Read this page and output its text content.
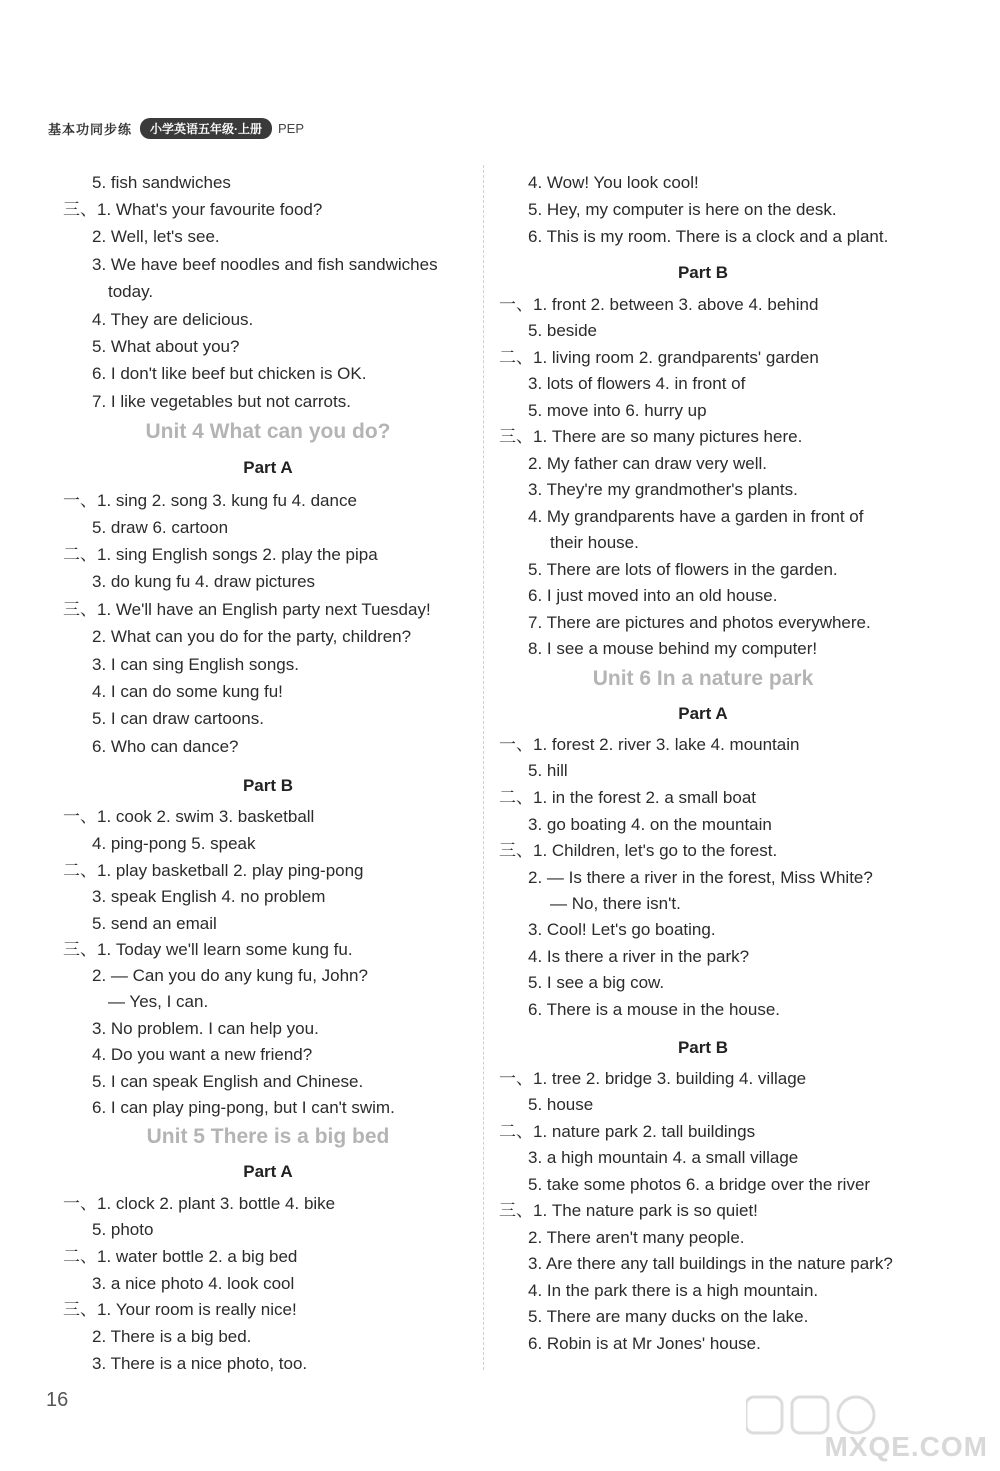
基本功同步练	小学英语五年级·上册	PEP
5. fish sandwiches
三、1. What's your favourite food?
2. Well, let's see.
3. We have beef noodles and fish sandwiches
today.
4. They are delicious.
5. What about you?
6. I don't like beef but chicken is OK.
7. I like vegetables but not carrots.
Unit 4 What can you do?
Part A
一、1. sing 2. song 3. kung fu 4. dance
5. draw 6. cartoon
二、1. sing English songs 2. play the pipa
3. do kung fu 4. draw pictures
三、1. We'll have an English party next Tuesday!
2. What can you do for the party, children?
3. I can sing English songs.
4. I can do some kung fu!
5. I can draw cartoons.
6. Who can dance?
Part B
一、1. cook 2. swim 3. basketball
4. ping-pong 5. speak
二、1. play basketball 2. play ping-pong
3. speak English 4. no problem
5. send an email
三、1. Today we'll learn some kung fu.
2. — Can you do any kung fu, John?
— Yes, I can.
3. No problem. I can help you.
4. Do you want a new friend?
5. I can speak English and Chinese.
6. I can play ping-pong, but I can't swim.
Unit 5 There is a big bed
Part A
一、1. clock 2. plant 3. bottle 4. bike
5. photo
二、1. water bottle 2. a big bed
3. a nice photo 4. look cool
三、1. Your room is really nice!
2. There is a big bed.
3. There is a nice photo, too.
4. Wow! You look cool!
5. Hey, my computer is here on the desk.
6. This is my room. There is a clock and a plant.
Part B
一、1. front 2. between 3. above 4. behind
5. beside
二、1. living room 2. grandparents' garden
3. lots of flowers 4. in front of
5. move into 6. hurry up
三、1. There are so many pictures here.
2. My father can draw very well.
3. They're my grandmother's plants.
4. My grandparents have a garden in front of
their house.
5. There are lots of flowers in the garden.
6. I just moved into an old house.
7. There are pictures and photos everywhere.
8. I see a mouse behind my computer!
Unit 6 In a nature park
Part A
一、1. forest 2. river 3. lake 4. mountain
5. hill
二、1. in the forest 2. a small boat
3. go boating 4. on the mountain
三、1. Children, let's go to the forest.
2. — Is there a river in the forest, Miss White?
— No, there isn't.
3. Cool! Let's go boating.
4. Is there a river in the park?
5. I see a big cow.
6. There is a mouse in the house.
Part B
一、1. tree 2. bridge 3. building 4. village
5. house
二、1. nature park 2. tall buildings
3. a high mountain 4. a small village
5. take some photos 6. a bridge over the river
三、1. The nature park is so quiet!
2. There aren't many people.
3. Are there any tall buildings in the nature park?
4. In the park there is a high mountain.
5. There are many ducks on the lake.
6. Robin is at Mr Jones' house.
16
MXQE.COM
